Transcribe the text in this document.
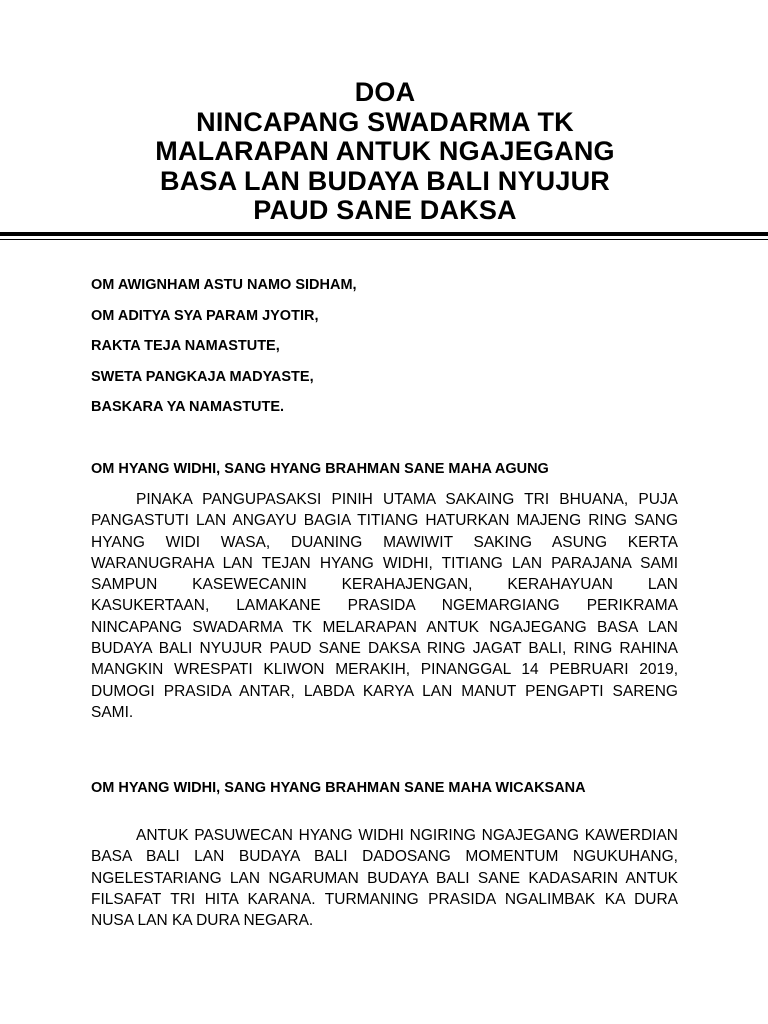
DOA
NINCAPANG SWADARMA TK
MALARAPAN ANTUK NGAJEGANG
BASA LAN BUDAYA BALI NYUJUR
PAUD SANE DAKSA
OM AWIGNHAM ASTU NAMO SIDHAM,
OM ADITYA SYA PARAM JYOTIR,
RAKTA TEJA NAMASTUTE,
SWETA PANGKAJA MADYASTE,
BASKARA YA NAMASTUTE.
OM HYANG WIDHI, SANG HYANG BRAHMAN SANE MAHA AGUNG

PINAKA PANGUPASAKSI PINIH UTAMA SAKAING TRI BHUANA, PUJA PANGASTUTI LAN ANGAYU BAGIA TITIANG HATURKAN MAJENG RING SANG HYANG WIDI WASA, DUANING MAWIWIT SAKING ASUNG KERTA WARANUGRAHA LAN TEJAN HYANG WIDHI, TITIANG LAN PARAJANA SAMI SAMPUN KASEWECANIN KERAHAJENGAN, KERAHAYUAN LAN KASUKERTAAN, LAMAKANE PRASIDA NGEMARGIANG PERIKRAMA NINCAPANG SWADARMA TK MELARAPAN ANTUK NGAJEGANG BASA LAN BUDAYA BALI NYUJUR PAUD SANE DAKSA RING JAGAT BALI, RING RAHINA MANGKIN WRESPATI KLIWON MERAKIH, PINANGGAL 14 PEBRUARI 2019, DUMOGI PRASIDA ANTAR, LABDA KARYA LAN MANUT PENGAPTI SARENG SAMI.

OM HYANG WIDHI, SANG HYANG BRAHMAN SANE MAHA WICAKSANA

ANTUK PASUWECAN HYANG WIDHI NGIRING NGAJEGANG KAWERDIAN BASA BALI LAN BUDAYA BALI DADOSANG MOMENTUM NGUKUHANG, NGELESTARIANG LAN NGARUMAN BUDAYA BALI SANE KADASARIN ANTUK FILSAFAT TRI HITA KARANA. TURMANING PRASIDA NGALIMBAK KA DURA NUSA LAN KA DURA NEGARA.
